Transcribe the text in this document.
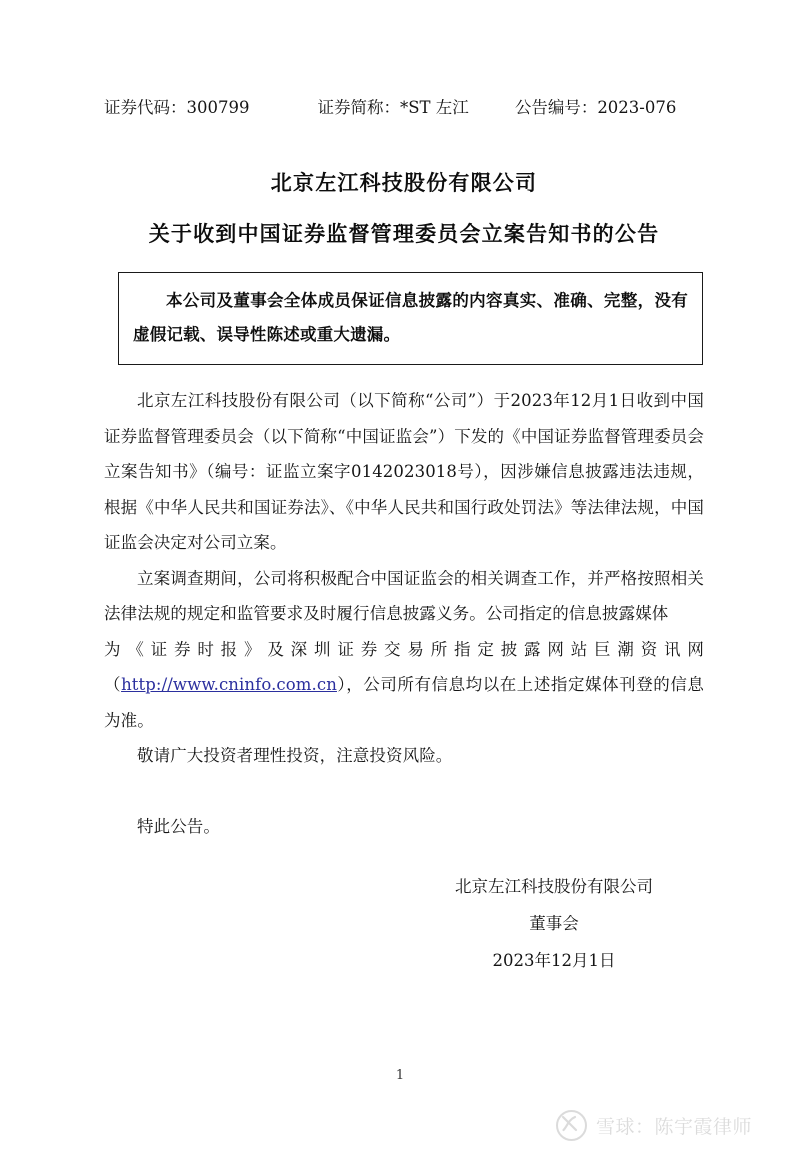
证券代码：300799	证券简称：*ST 左江	公告编号：2023-076
北京左江科技股份有限公司
关于收到中国证券监督管理委员会立案告知书的公告
本公司及董事会全体成员保证信息披露的内容真实、准确、完整，没有虚假记载、误导性陈述或重大遗漏。

北京左江科技股份有限公司（以下简称“公司”）于2023年12月1日收到中国证券监督管理委员会（以下简称“中国证监会”）下发的《中国证券监督管理委员会立案告知书》（编号：证监立案字0142023018号），因涉嫌信息披露违法违规，根据《中华人民共和国证券法》、《中华人民共和国行政处罚法》等法律法规，中国证监会决定对公司立案。

立案调查期间，公司将积极配合中国证监会的相关调查工作，并严格按照相关法律法规的规定和监管要求及时履行信息披露义务。公司指定的信息披露媒体

为《证券时报》及深圳证券交易所指定披露网站巨潮资讯网

（http://www.cninfo.com.cn），公司所有信息均以在上述指定媒体刊登的信息为准。

敬请广大投资者理性投资，注意投资风险。

特此公告。

北京左江科技股份有限公司
董事会
2023年12月1日
1
雪球：陈宇霞律师
